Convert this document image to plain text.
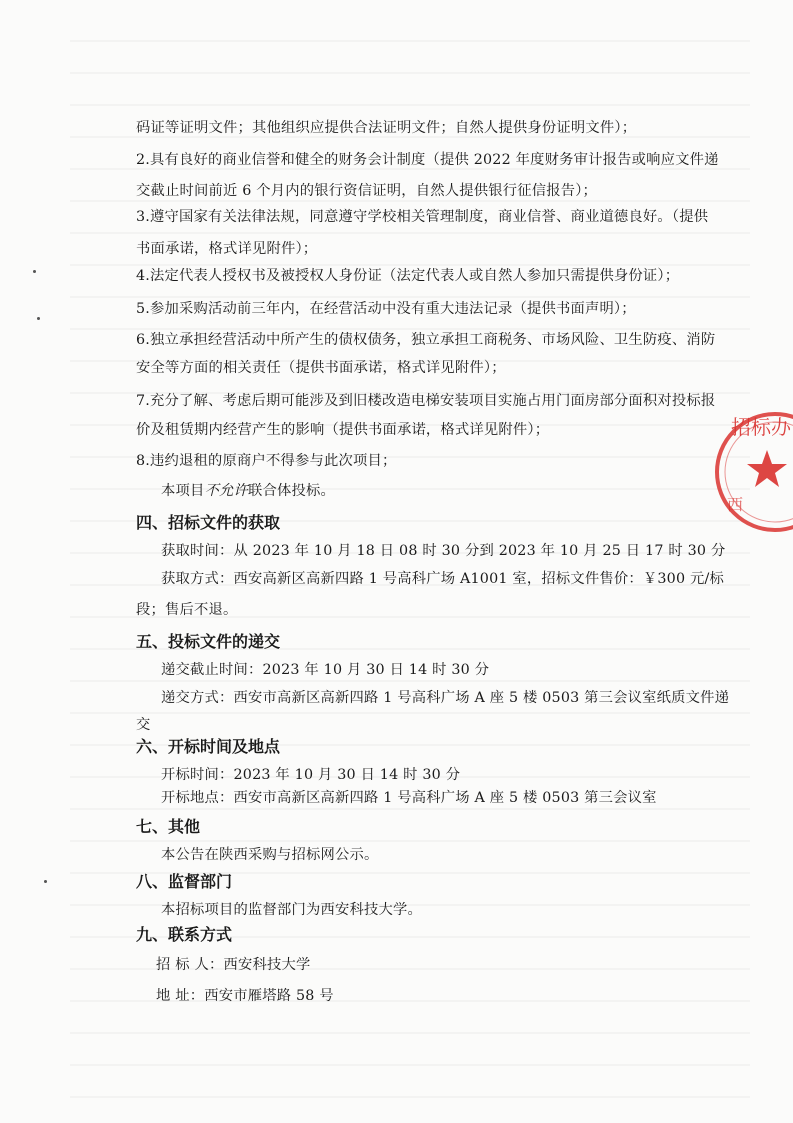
码证等证明文件；其他组织应提供合法证明文件；自然人提供身份证明文件）；
2.具有良好的商业信誉和健全的财务会计制度（提供 2022 年度财务审计报告或响应文件递
交截止时间前近 6 个月内的银行资信证明，自然人提供银行征信报告）；
3.遵守国家有关法律法规，同意遵守学校相关管理制度，商业信誉、商业道德良好。（提供
书面承诺，格式详见附件）；
4.法定代表人授权书及被授权人身份证（法定代表人或自然人参加只需提供身份证）；
5.参加采购活动前三年内，在经营活动中没有重大违法记录（提供书面声明）；
6.独立承担经营活动中所产生的债权债务，独立承担工商税务、市场风险、卫生防疫、消防
安全等方面的相关责任（提供书面承诺，格式详见附件）；
7.充分了解、考虑后期可能涉及到旧楼改造电梯安装项目实施占用门面房部分面积对投标报
价及租赁期内经营产生的影响（提供书面承诺，格式详见附件）；
8.违约退租的原商户不得参与此次项目；
本项目不允许联合体投标。
四、招标文件的获取
获取时间：从 2023 年 10 月 18 日 08 时 30 分到 2023 年 10 月 25 日 17 时 30 分
获取方式：西安高新区高新四路 1 号高科广场 A1001 室，招标文件售价：￥300 元/标
段；售后不退。
五、投标文件的递交
递交截止时间：2023 年 10 月 30 日 14 时 30 分
递交方式：西安市高新区高新四路 1 号高科广场 A 座 5 楼 0503 第三会议室纸质文件递
交
六、开标时间及地点
开标时间：2023 年 10 月 30 日 14 时 30 分
开标地点：西安市高新区高新四路 1 号高科广场 A 座 5 楼 0503 第三会议室
七、其他
本公告在陕西采购与招标网公示。
八、监督部门
本招标项目的监督部门为西安科技大学。
九、联系方式
招 标 人：西安科技大学
地 址：西安市雁塔路 58 号
招标办
西
